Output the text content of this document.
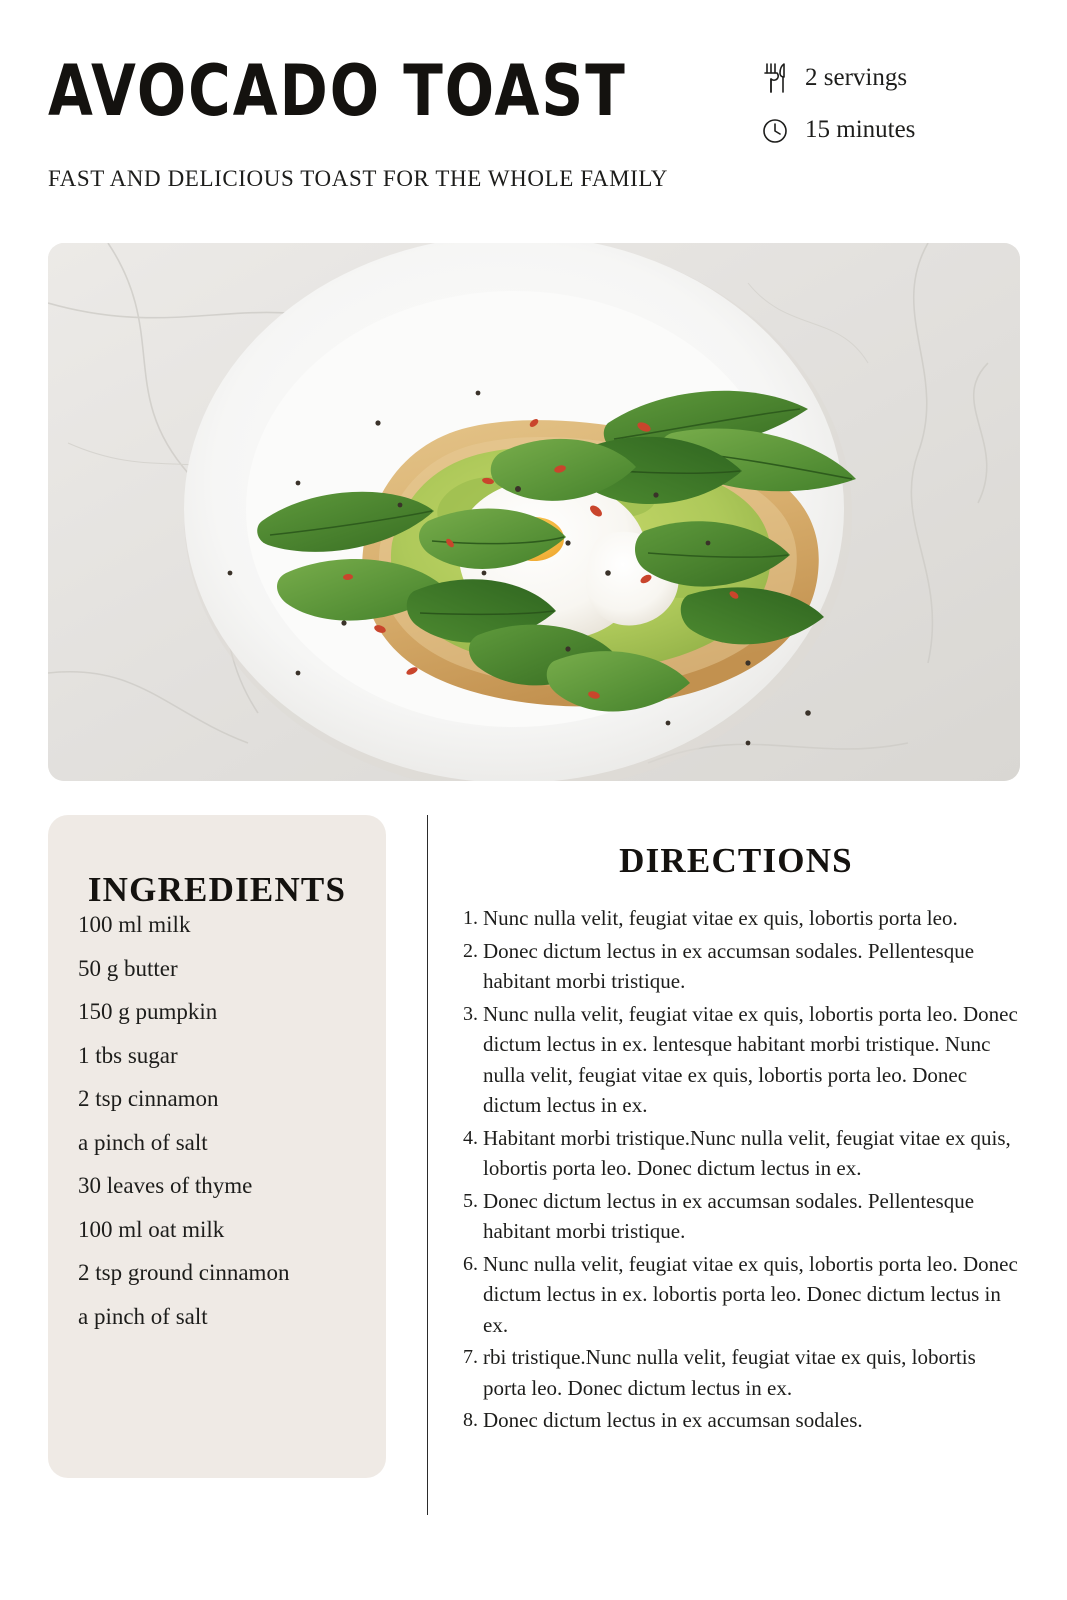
AVOCADO TOAST
FAST AND DELICIOUS TOAST FOR THE WHOLE FAMILY
2 servings
15 minutes
INGREDIENTS
100 ml milk
50 g butter
150 g pumpkin
1 tbs sugar
2 tsp cinnamon
a pinch of salt
30 leaves of thyme
100 ml oat milk
2 tsp ground cinnamon
a pinch of salt
DIRECTIONS
Nunc nulla velit, feugiat vitae ex quis, lobortis porta leo.
Donec dictum lectus in ex accumsan sodales. Pellentesque habitant morbi tristique.
Nunc nulla velit, feugiat vitae ex quis, lobortis porta leo. Donec dictum lectus in ex. lentesque habitant morbi tristique. Nunc nulla velit, feugiat vitae ex quis, lobortis porta leo. Donec dictum lectus in ex.
Habitant morbi tristique.Nunc nulla velit, feugiat vitae ex quis, lobortis porta leo. Donec dictum lectus in ex.
Donec dictum lectus in ex accumsan sodales. Pellentesque habitant morbi tristique.
Nunc nulla velit, feugiat vitae ex quis, lobortis porta leo. Donec dictum lectus in ex. lobortis porta leo. Donec dictum lectus in ex.
rbi tristique.Nunc nulla velit, feugiat vitae ex quis, lobortis porta leo. Donec dictum lectus in ex.
Donec dictum lectus in ex accumsan sodales.
